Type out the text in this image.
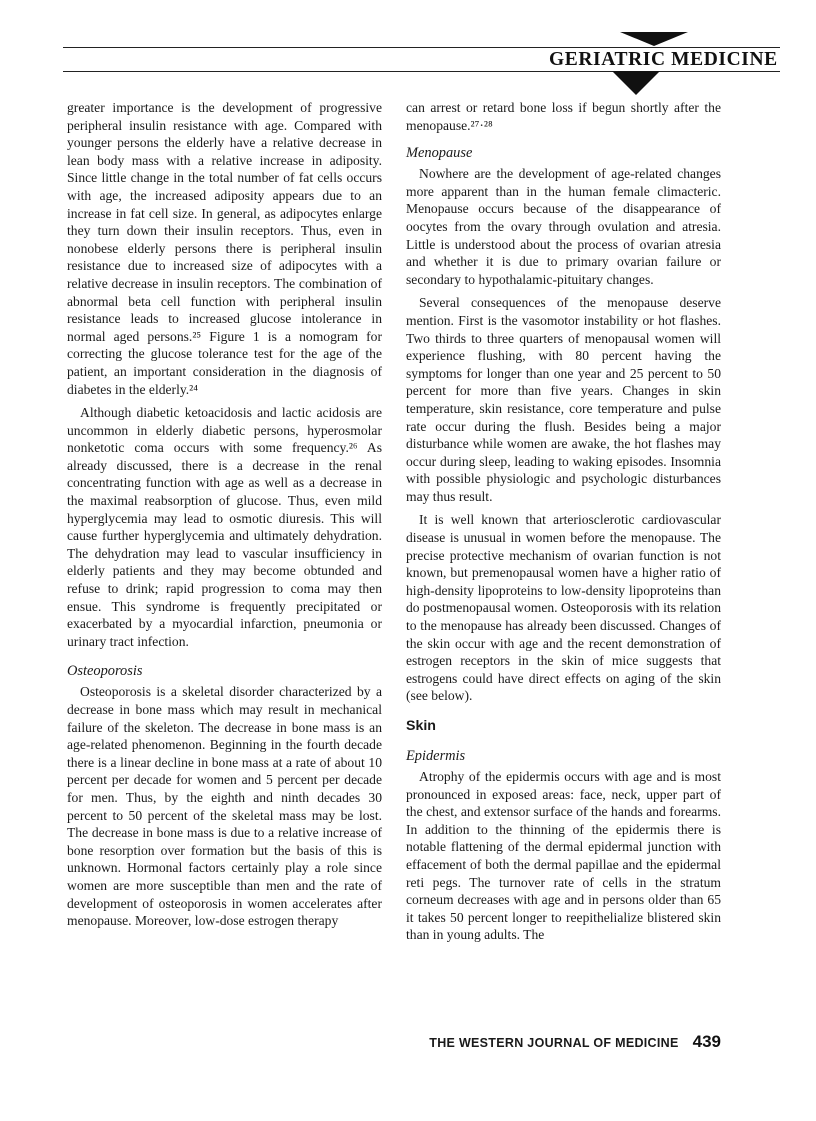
GERIATRIC MEDICINE

greater importance is the development of progressive peripheral insulin resistance with age. Compared with younger persons the elderly have a relative decrease in lean body mass with a relative increase in adiposity. Since little change in the total number of fat cells occurs with age, the increased adiposity appears due to an increase in fat cell size. In general, as adipocytes enlarge they turn down their insulin receptors. Thus, even in nonobese elderly persons there is peripheral insulin resistance due to increased size of adipocytes with a relative decrease in insulin receptors. The combination of abnormal beta cell function with peripheral insulin resistance leads to increased glucose intolerance in normal aged persons.²⁵ Figure 1 is a nomogram for correcting the glucose tolerance test for the age of the patient, an important consideration in the diagnosis of diabetes in the elderly.²⁴

Although diabetic ketoacidosis and lactic acidosis are uncommon in elderly diabetic persons, hyperosmolar nonketotic coma occurs with some frequency.²⁶ As already discussed, there is a decrease in the renal concentrating function with age as well as a decrease in the maximal reabsorption of glucose. Thus, even mild hyperglycemia may lead to osmotic diuresis. This will cause further hyperglycemia and ultimately dehydration. The dehydration may lead to vascular insufficiency in elderly patients and they may become obtunded and refuse to drink; rapid progression to coma may then ensue. This syndrome is frequently precipitated or exacerbated by a myocardial infarction, pneumonia or urinary tract infection.

Osteoporosis

Osteoporosis is a skeletal disorder characterized by a decrease in bone mass which may result in mechanical failure of the skeleton. The decrease in bone mass is an age-related phenomenon. Beginning in the fourth decade there is a linear decline in bone mass at a rate of about 10 percent per decade for women and 5 percent per decade for men. Thus, by the eighth and ninth decades 30 percent to 50 percent of the skeletal mass may be lost. The decrease in bone mass is due to a relative increase of bone resorption over formation but the basis of this is unknown. Hormonal factors certainly play a role since women are more susceptible than men and the rate of development of osteoporosis in women accelerates after menopause. Moreover, low-dose estrogen therapy

can arrest or retard bone loss if begun shortly after the menopause.²⁷·²⁸

Menopause

Nowhere are the development of age-related changes more apparent than in the human female climacteric. Menopause occurs because of the disappearance of oocytes from the ovary through ovulation and atresia. Little is understood about the process of ovarian atresia and whether it is due to primary ovarian failure or secondary to hypothalamic-pituitary changes.

Several consequences of the menopause deserve mention. First is the vasomotor instability or hot flashes. Two thirds to three quarters of menopausal women will experience flushing, with 80 percent having the symptoms for longer than one year and 25 percent to 50 percent for more than five years. Changes in skin temperature, skin resistance, core temperature and pulse rate occur during the flush. Besides being a major disturbance while women are awake, the hot flashes may occur during sleep, leading to waking episodes. Insomnia with possible physiologic and psychologic disturbances may thus result.

It is well known that arteriosclerotic cardiovascular disease is unusual in women before the menopause. The precise protective mechanism of ovarian function is not known, but premenopausal women have a higher ratio of high-density lipoproteins to low-density lipoproteins than do postmenopausal women. Osteoporosis with its relation to the menopause has already been discussed. Changes of the skin occur with age and the recent demonstration of estrogen receptors in the skin of mice suggests that estrogens could have direct effects on aging of the skin (see below).

Skin
Epidermis

Atrophy of the epidermis occurs with age and is most pronounced in exposed areas: face, neck, upper part of the chest, and extensor surface of the hands and forearms. In addition to the thinning of the epidermis there is notable flattening of the dermal epidermal junction with effacement of both the dermal papillae and the epidermal reti pegs. The turnover rate of cells in the stratum corneum decreases with age and in persons older than 65 it takes 50 percent longer to reepithelialize blistered skin than in young adults. The

THE WESTERN JOURNAL OF MEDICINE 439
